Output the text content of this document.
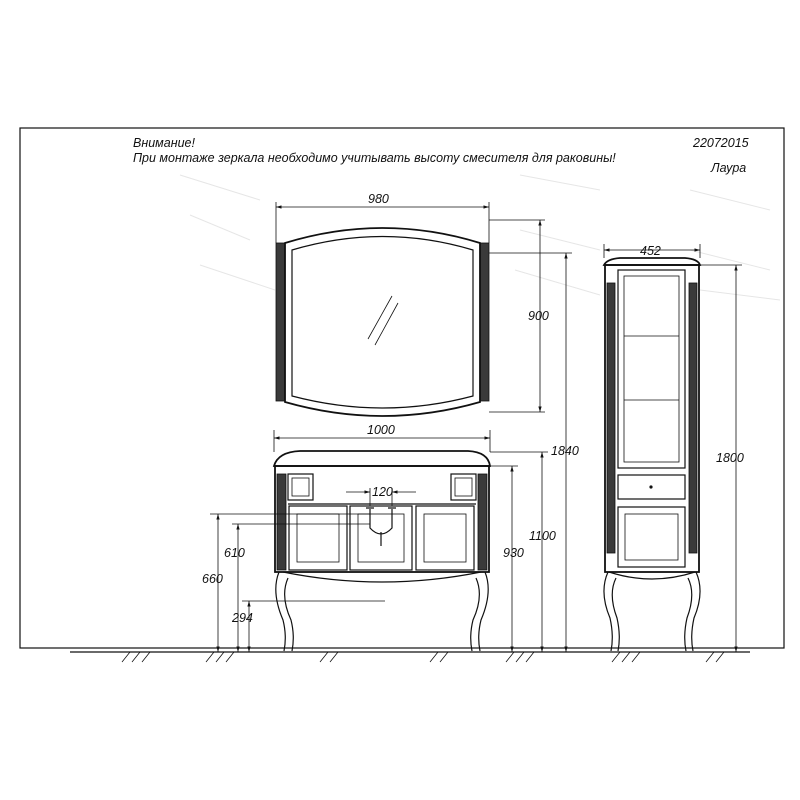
Внимание!
При монтаже зеркала необходимо учитывать высоту смесителя для раковины!
22072015
Лаура
980
900
1840
1000
120
930
1100
610
660
294
452
1800
